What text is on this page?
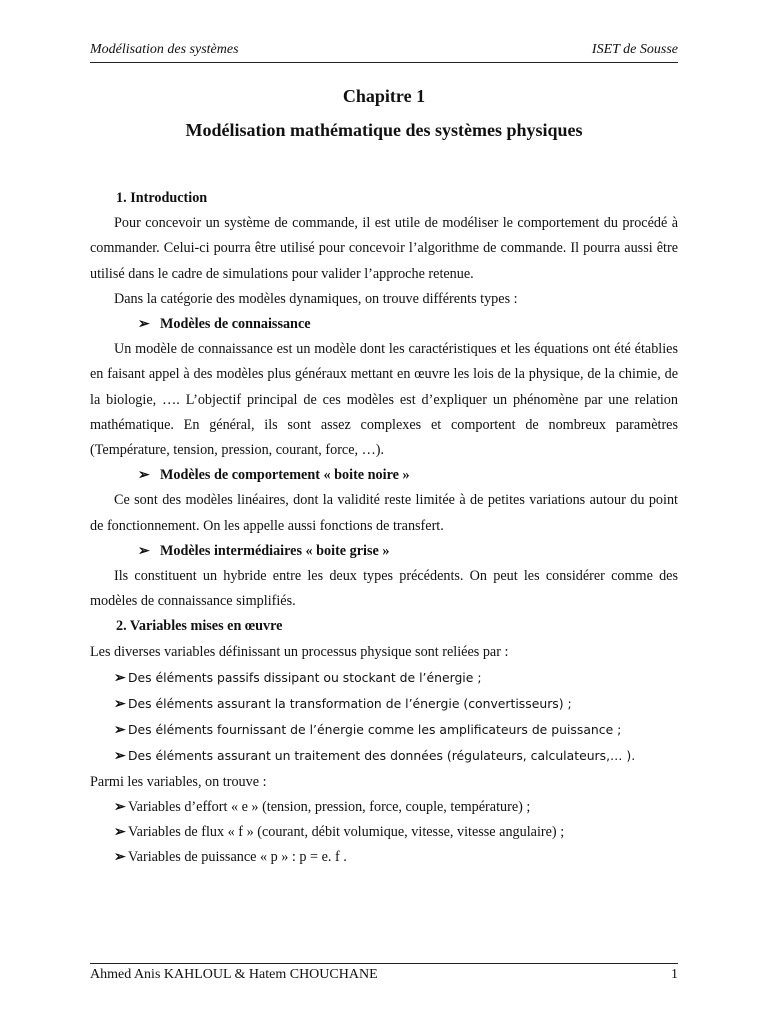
Modélisation des systèmes	ISET de Sousse
Chapitre 1
Modélisation mathématique des systèmes physiques

1. Introduction

Pour concevoir un système de commande, il est utile de modéliser le comportement du procédé à commander. Celui-ci pourra être utilisé pour concevoir l’algorithme de commande. Il pourra aussi être utilisé dans le cadre de simulations pour valider l’approche retenue.

Dans la catégorie des modèles dynamiques, on trouve différents types :

➢ Modèles de connaissance

Un modèle de connaissance est un modèle dont les caractéristiques et les équations ont été établies en faisant appel à des modèles plus généraux mettant en œuvre les lois de la physique, de la chimie, de la biologie, …. L’objectif principal de ces modèles est d’expliquer un phénomène par une relation mathématique. En général, ils sont assez complexes et comportent de nombreux paramètres (Température, tension, pression, courant, force, …).

➢ Modèles de comportement « boite noire »

Ce sont des modèles linéaires, dont la validité reste limitée à de petites variations autour du point de fonctionnement. On les appelle aussi fonctions de transfert.

➢ Modèles intermédiaires « boite grise »

Ils constituent un hybride entre les deux types précédents. On peut les considérer comme des modèles de connaissance simplifiés.

2. Variables mises en œuvre

Les diverses variables définissant un processus physique sont reliées par :

➢ Des éléments passifs dissipant ou stockant de l’énergie ;

➢ Des éléments assurant la transformation de l’énergie (convertisseurs) ;

➢ Des éléments fournissant de l’énergie comme les amplificateurs de puissance ;

➢ Des éléments assurant un traitement des données (régulateurs, calculateurs,… ).

Parmi les variables, on trouve :

➢ Variables d’effort « e » (tension, pression, force, couple, température) ;

➢ Variables de flux « f » (courant, débit volumique, vitesse, vitesse angulaire) ;

➢ Variables de puissance « p » : p = e. f .

Ahmed Anis KAHLOUL & Hatem CHOUCHANE	1
